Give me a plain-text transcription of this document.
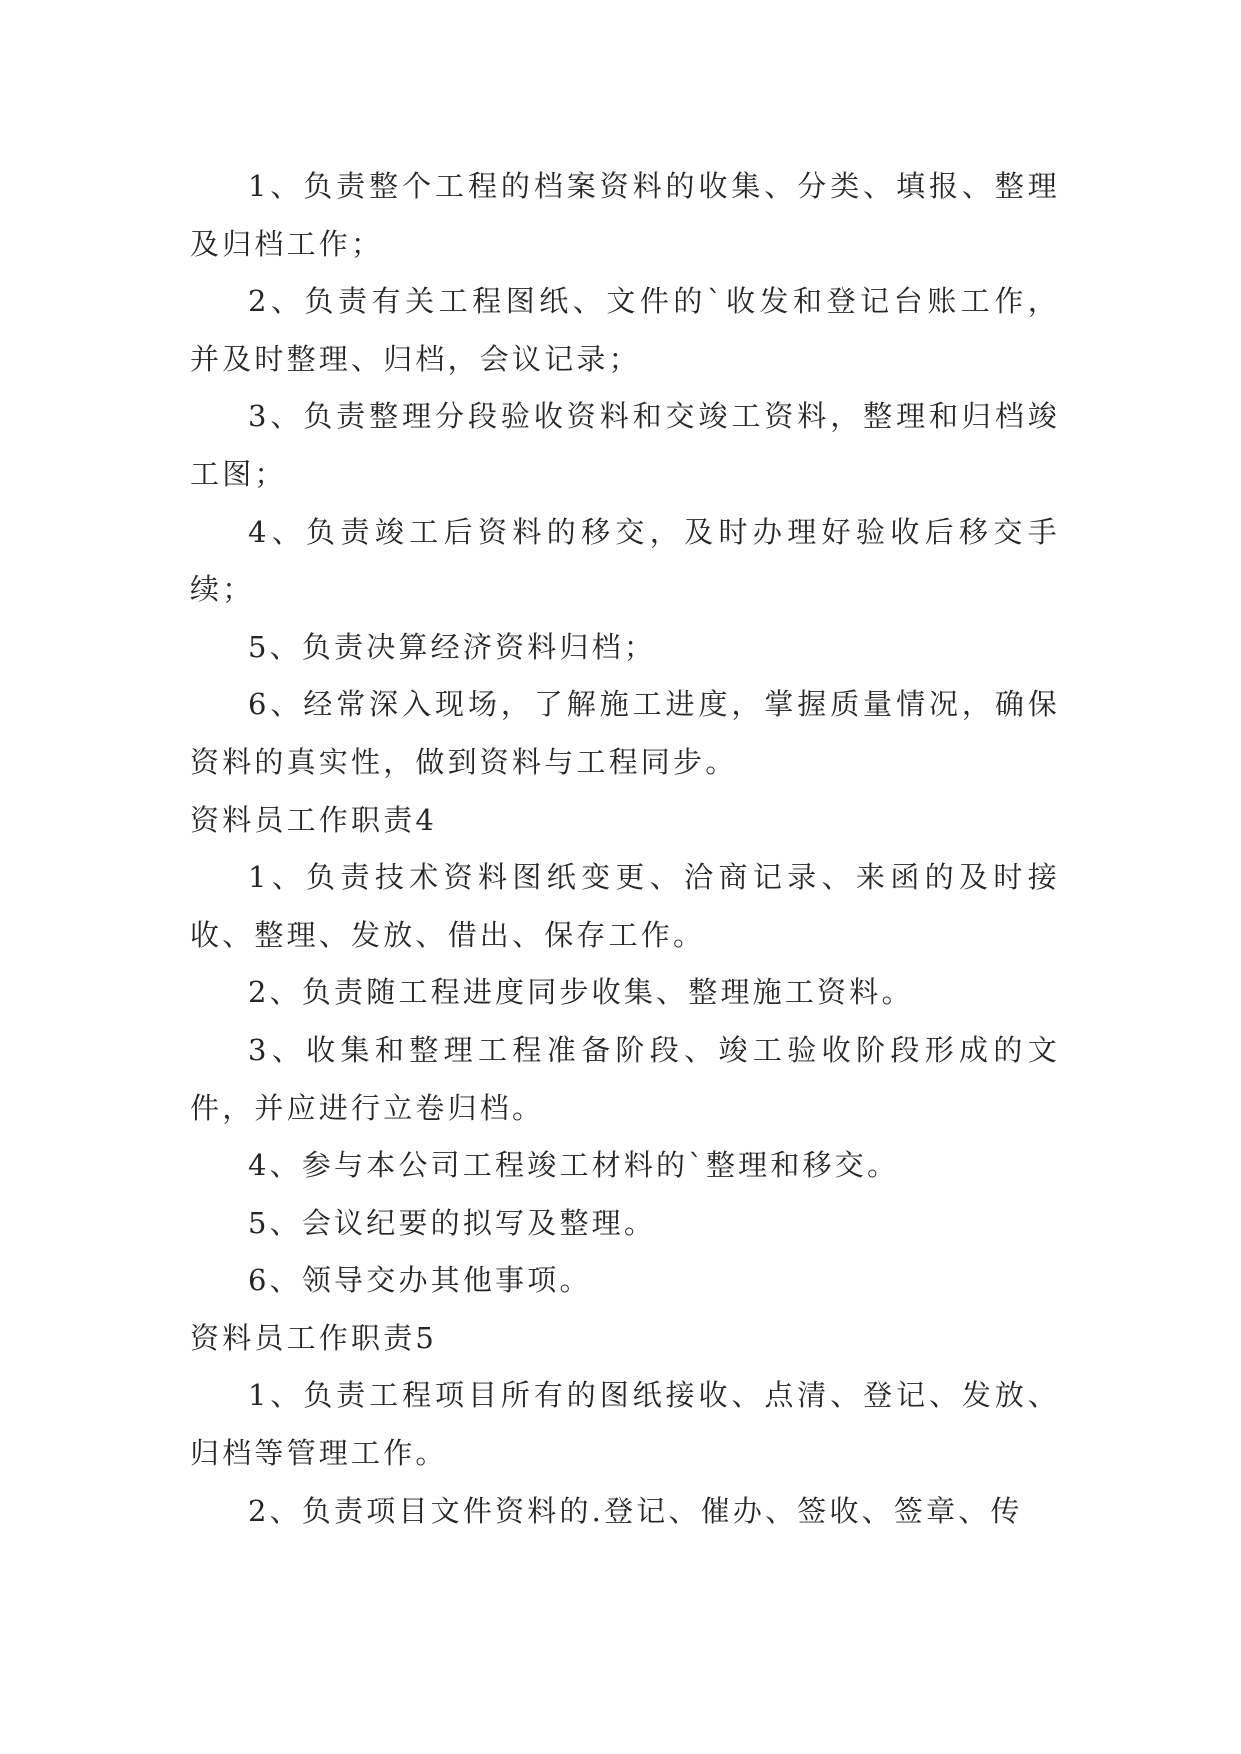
1、负责整个工程的档案资料的收集、分类、填报、整理及归档工作；

2、负责有关工程图纸、文件的`收发和登记台账工作，并及时整理、归档，会议记录；

3、负责整理分段验收资料和交竣工资料，整理和归档竣工图；

4、负责竣工后资料的移交，及时办理好验收后移交手续；

5、负责决算经济资料归档；

6、经常深入现场，了解施工进度，掌握质量情况，确保资料的真实性，做到资料与工程同步。

资料员工作职责4

1、负责技术资料图纸变更、洽商记录、来函的及时接收、整理、发放、借出、保存工作。

2、负责随工程进度同步收集、整理施工资料。

3、收集和整理工程准备阶段、竣工验收阶段形成的文件，并应进行立卷归档。

4、参与本公司工程竣工材料的`整理和移交。

5、会议纪要的拟写及整理。

6、领导交办其他事项。

资料员工作职责5

1、负责工程项目所有的图纸接收、点清、登记、发放、归档等管理工作。

2、负责项目文件资料的.登记、催办、签收、签章、传
